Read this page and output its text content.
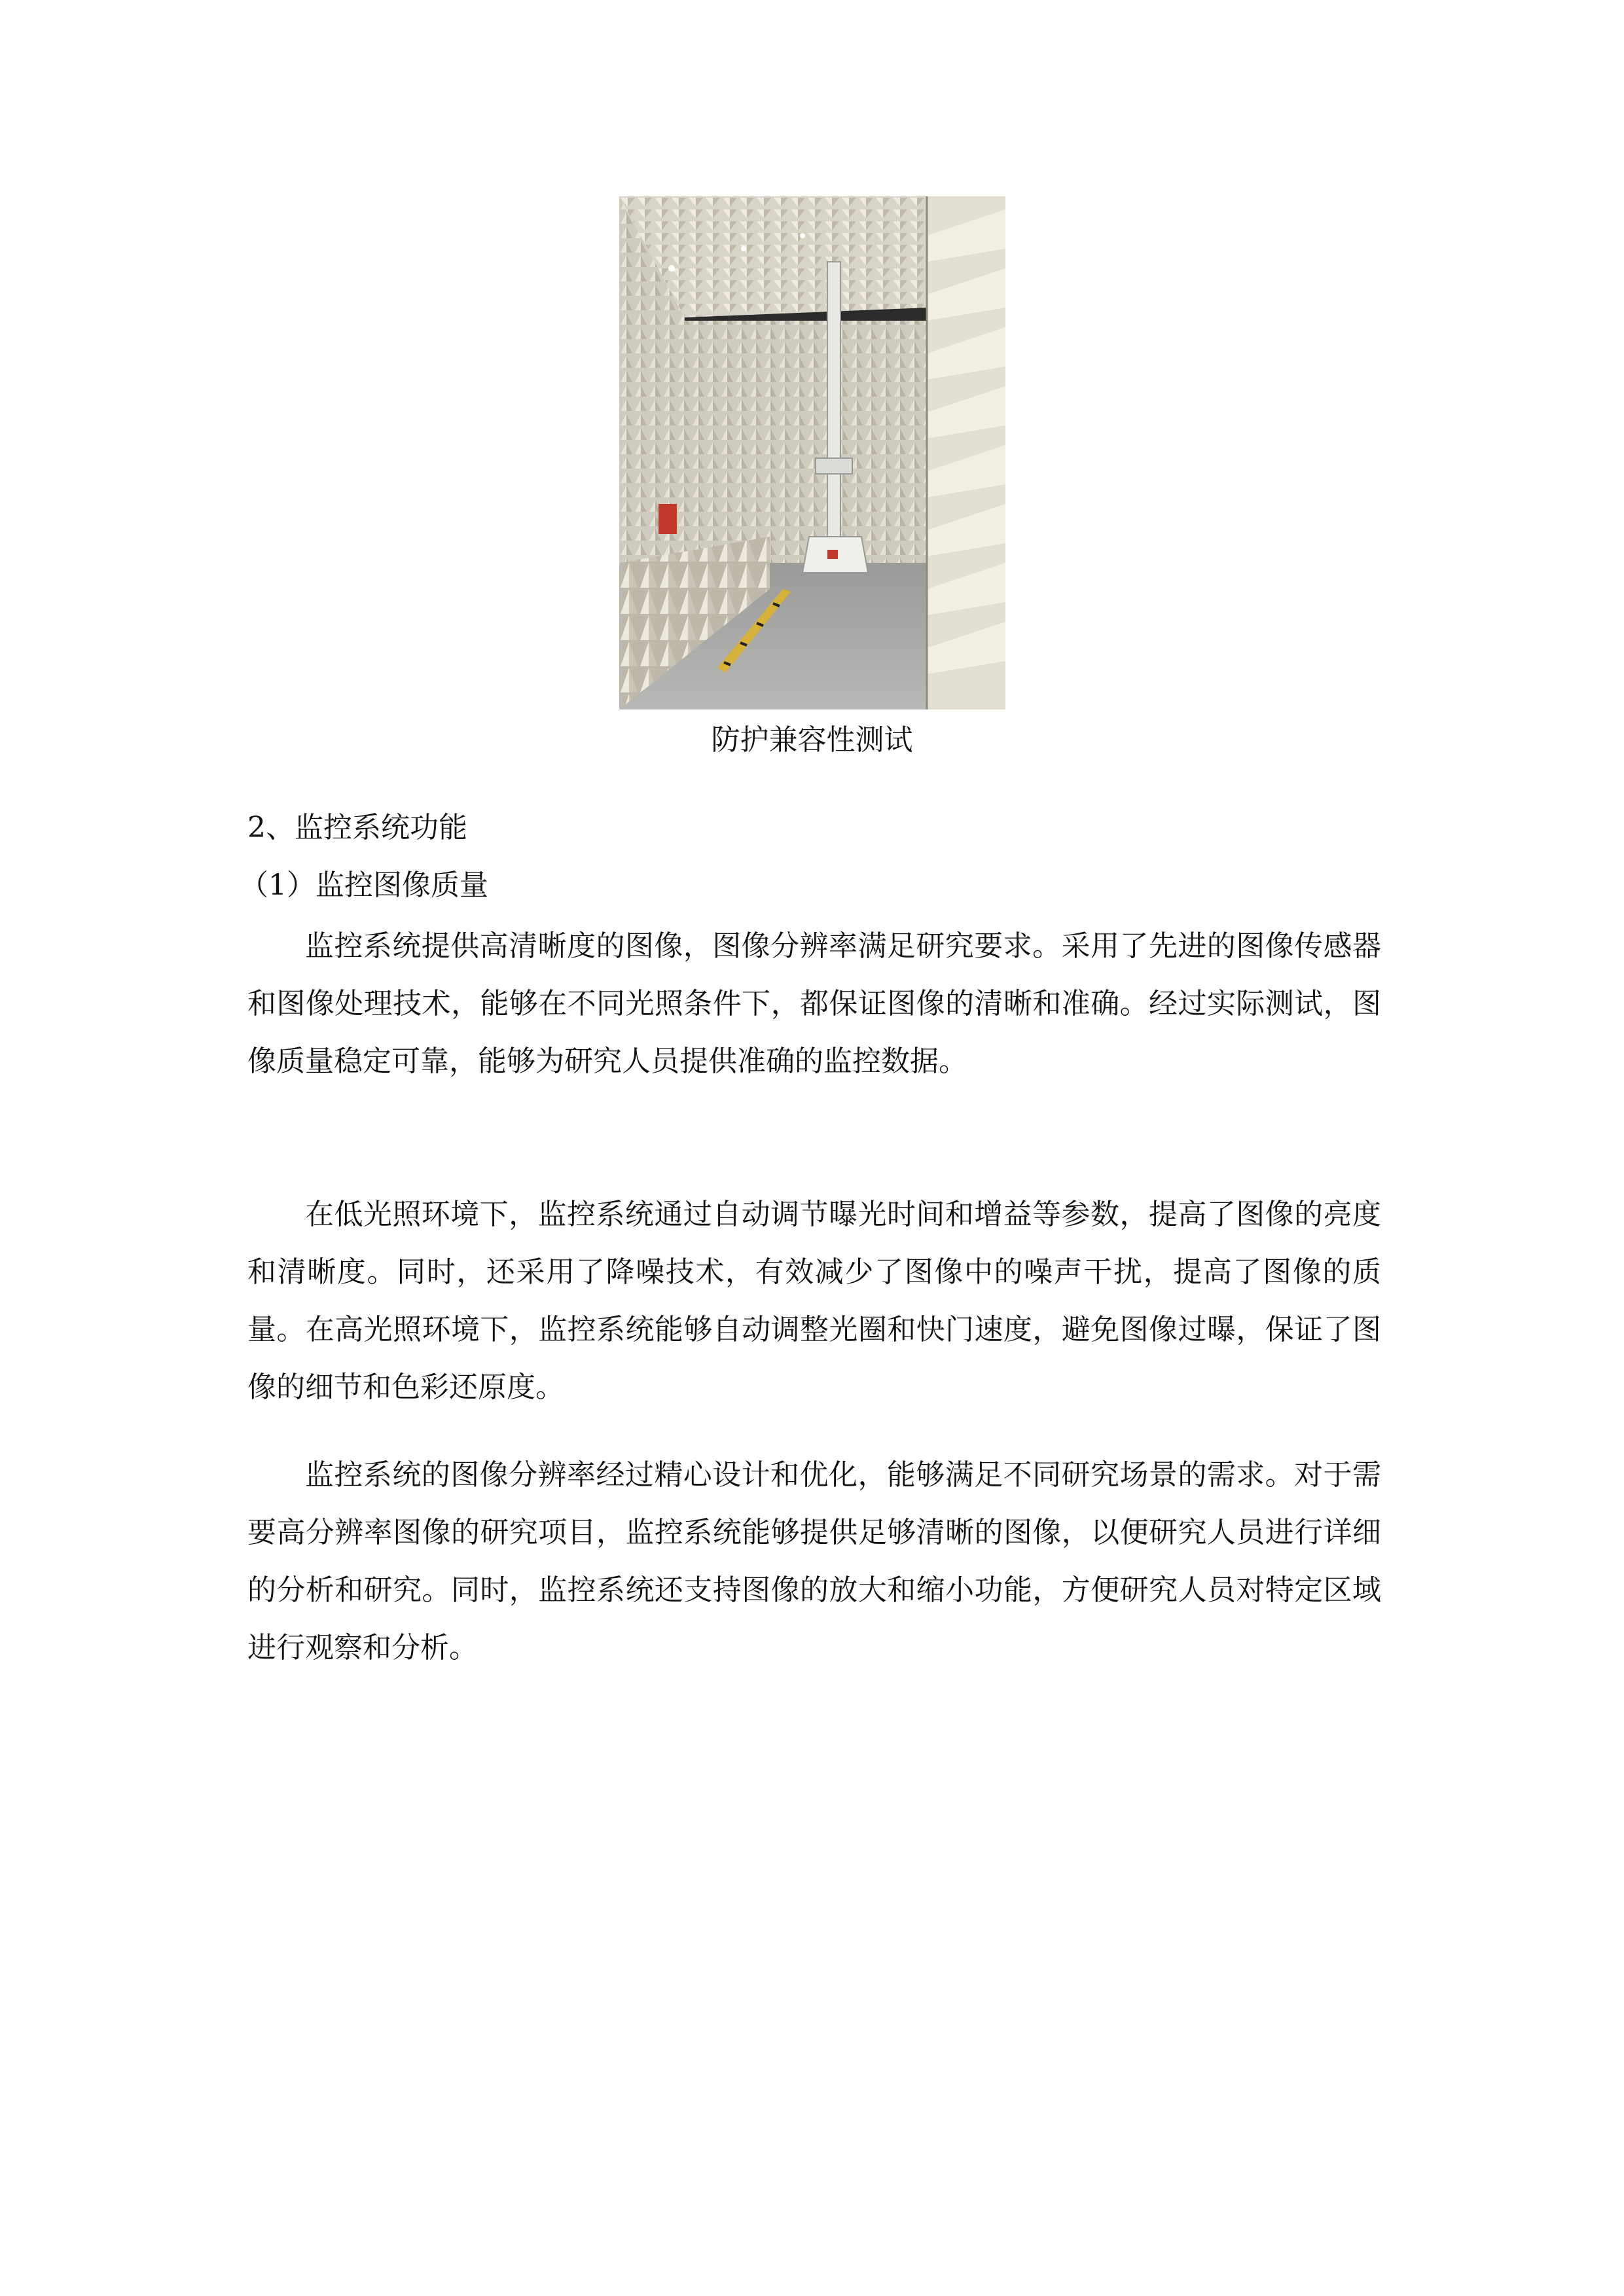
防护兼容性测试
2、监控系统功能
（1）监控图像质量

监控系统提供高清晰度的图像，图像分辨率满足研究要求。采用了先进的图像传感器和图像处理技术，能够在不同光照条件下，都保证图像的清晰和准确。经过实际测试，图像质量稳定可靠，能够为研究人员提供准确的监控数据。

在低光照环境下，监控系统通过自动调节曝光时间和增益等参数，提高了图像的亮度和清晰度。同时，还采用了降噪技术，有效减少了图像中的噪声干扰，提高了图像的质量。在高光照环境下，监控系统能够自动调整光圈和快门速度，避免图像过曝，保证了图像的细节和色彩还原度。

监控系统的图像分辨率经过精心设计和优化，能够满足不同研究场景的需求。对于需要高分辨率图像的研究项目，监控系统能够提供足够清晰的图像，以便研究人员进行详细的分析和研究。同时，监控系统还支持图像的放大和缩小功能，方便研究人员对特定区域进行观察和分析。
